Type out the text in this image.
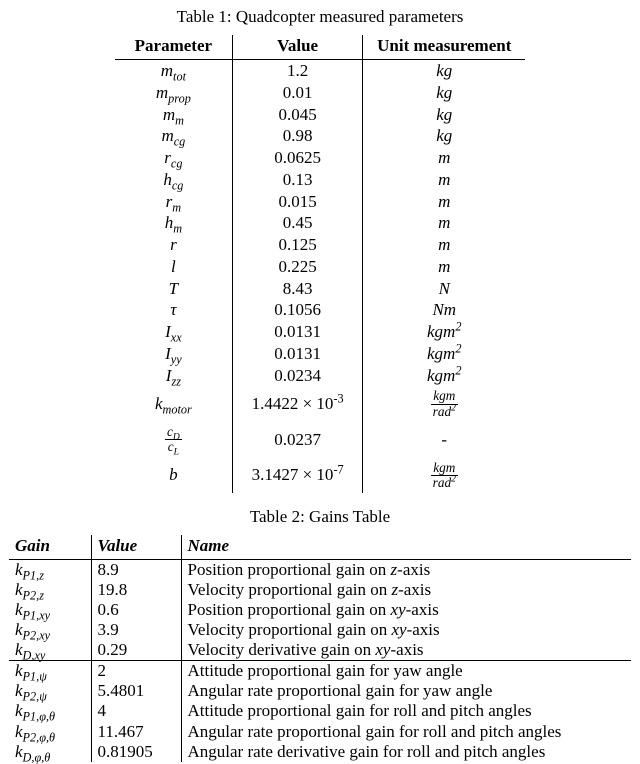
Table 1: Quadcopter measured parameters
Parameter	Value	Unit measurement
$m_{tot}$	1.2	kg
$m_{prop}$	0.01	kg
$m_m$	0.045	kg
$m_{cg}$	0.98	kg
$r_{cg}$	0.0625	m
$h_{cg}$	0.13	m
$r_m$	0.015	m
$h_m$	0.45	m
r	0.125	m
l	0.225	m
T	8.43	N
τ	0.1056	Nm
$I_{xx}$	0.0131	kgm$^2$
$I_{yy}$	0.0131	kgm$^2$
$I_{zz}$	0.0234	kgm$^2$
$k_{motor}$	$1.4422 \times 10^{-3}$	$\frac{\text{kgm}}{rad^2}$

$\frac{c_D}{c_L}$	0.0237	-
b	$3.1427 \times 10^{-7}$	$\frac{\text{kgm}}{rad^2}$
Table 2: Gains Table
Gain	Value	Name
$k_{P1,z}$	8.9	Position proportional gain on z-axis
$k_{P2,z}$	19.8	Velocity proportional gain on z-axis
$k_{P1,xy}$	0.6	Position proportional gain on xy-axis
$k_{P2,xy}$	3.9	Velocity proportional gain on xy-axis
$k_{D,xy}$	0.29	Velocity derivative gain on xy-axis
$k_{P1,\psi}$	2	Attitude proportional gain for yaw angle
$k_{P2,\psi}$	5.4801	Angular rate proportional gain for yaw angle
$k_{P1,\varphi,\theta}$	4	Attitude proportional gain for roll and pitch angles
$k_{P2,\varphi,\theta}$	11.467	Angular rate proportional gain for roll and pitch angles
$k_{D,\varphi,\theta}$	0.81905	Angular rate derivative gain for roll and pitch angles
